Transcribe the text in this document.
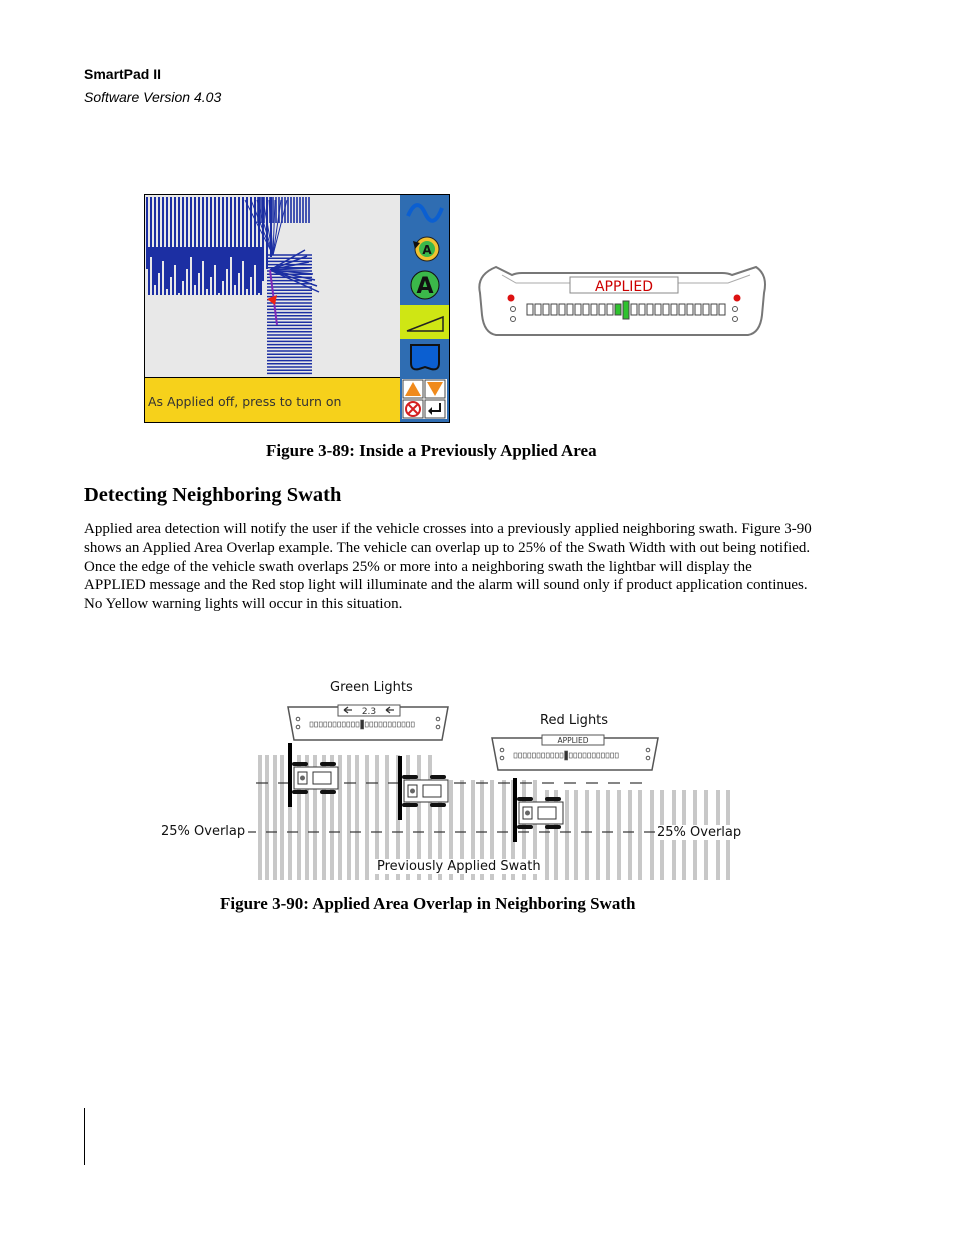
SmartPad II
Software Version 4.03
A
A
As Applied off, press to turn on
APPLIED
Figure 3-89: Inside a Previously Applied Area
Detecting Neighboring Swath
Applied area detection will notify the user if the vehicle crosses into a previously applied neighboring swath. Figure 3-90 shows an Applied Area Overlap example. The vehicle can overlap up to 25% of the Swath Width with out being notified. Once the edge of the vehicle swath overlaps 25% or more into a neighboring swath the lightbar will display the APPLIED message and the Red stop light will illuminate and the alarm will sound only if product application continues. No Yellow warning lights will occur in this situation.
2.3
APPLIED
Green Lights
Red Lights
25% Overlap	25% Overlap
Previously Applied Swath
Figure 3-90: Applied Area Overlap in Neighboring Swath
